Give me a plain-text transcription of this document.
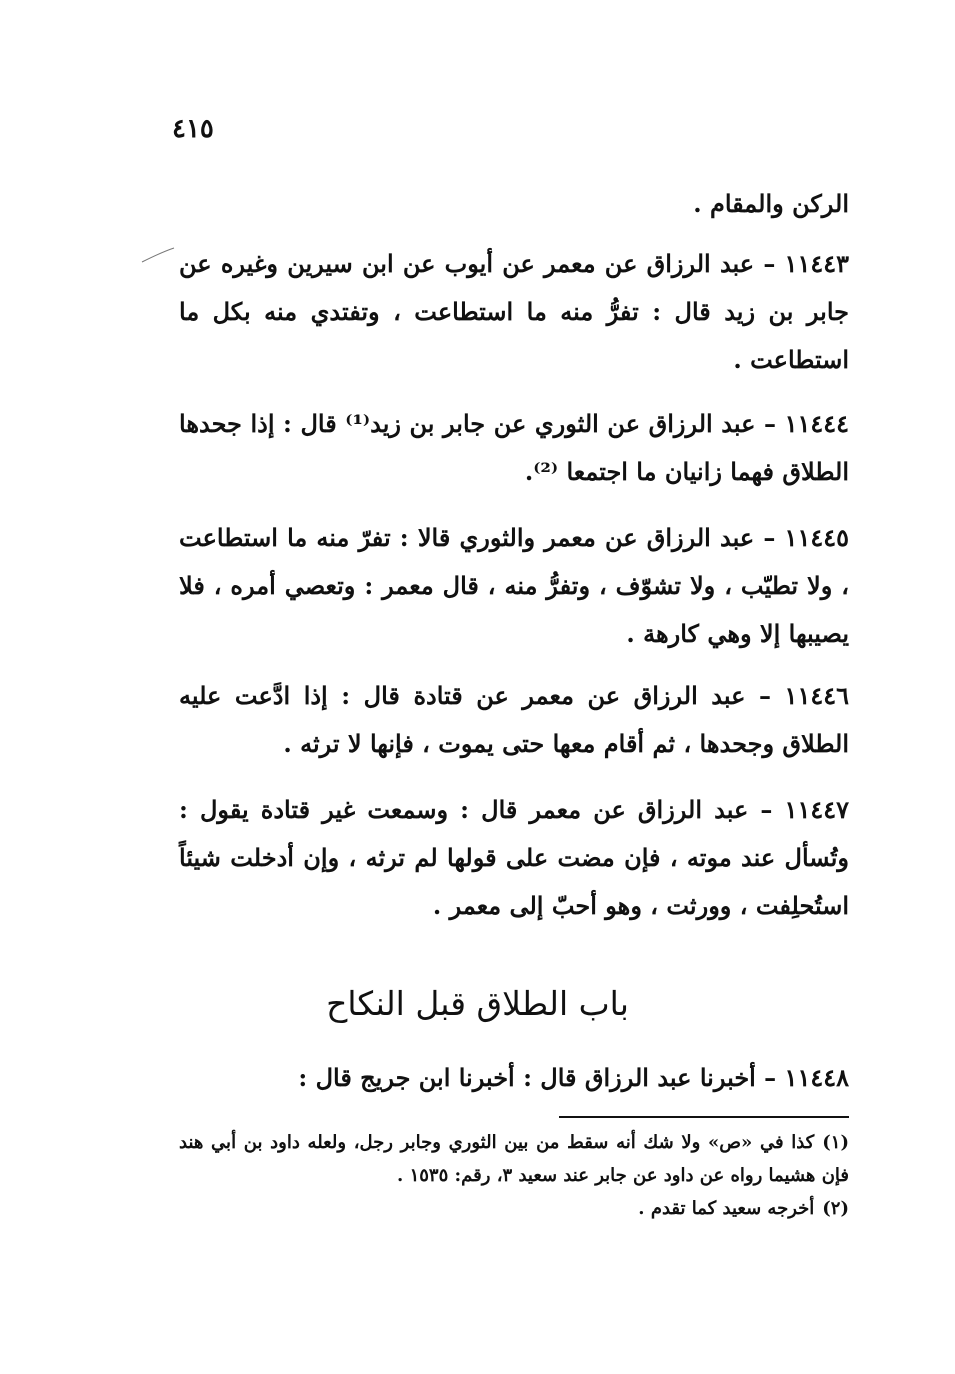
٤١٥
الركن والمقام .
١١٤٤٣ – عبد الرزاق عن معمر عن أيوب عن ابن سيرين وغيره عن جابر بن زيد قال : تفرُّ منه ما استطاعت ، وتفتدي منه بكل ما استطاعت .
١١٤٤٤ – عبد الرزاق عن الثوري عن جابر بن زيد⁽¹⁾ قال : إذا جحدها الطلاق فهما زانيان ما اجتمعا ⁽²⁾.
١١٤٤٥ – عبد الرزاق عن معمر والثوري قالا : تفرّ منه ما استطاعت ، ولا تطيّب ، ولا تشوّف ، وتفرُّ منه ، قال معمر : وتعصي أمره ، فلا يصيبها إلا وهي كارهة .
١١٤٤٦ – عبد الرزاق عن معمر عن قتادة قال : إذا ادَّعت عليه الطلاق وجحدها ، ثم أقام معها حتى يموت ، فإنها لا ترثه .
١١٤٤٧ – عبد الرزاق عن معمر قال : وسمعت غير قتادة يقول : وتُسأل عند موته ، فإن مضت على قولها لم ترثه ، وإن أدخلت شيئاً استُحلِفت ، وورثت ، وهو أحبّ إلى معمر .
باب الطلاق قبل النكاح
١١٤٤٨ – أخبرنا عبد الرزاق قال : أخبرنا ابن جريج قال :
(١)كذا في «ص» ولا شك أنه سقط من بين الثوري وجابر رجل، ولعله داود بن أبي هند فإن هشيما رواه عن داود عن جابر عند سعيد ٣، رقم: ١٥٣٥ .
(٢)أخرجه سعيد كما تقدم .
